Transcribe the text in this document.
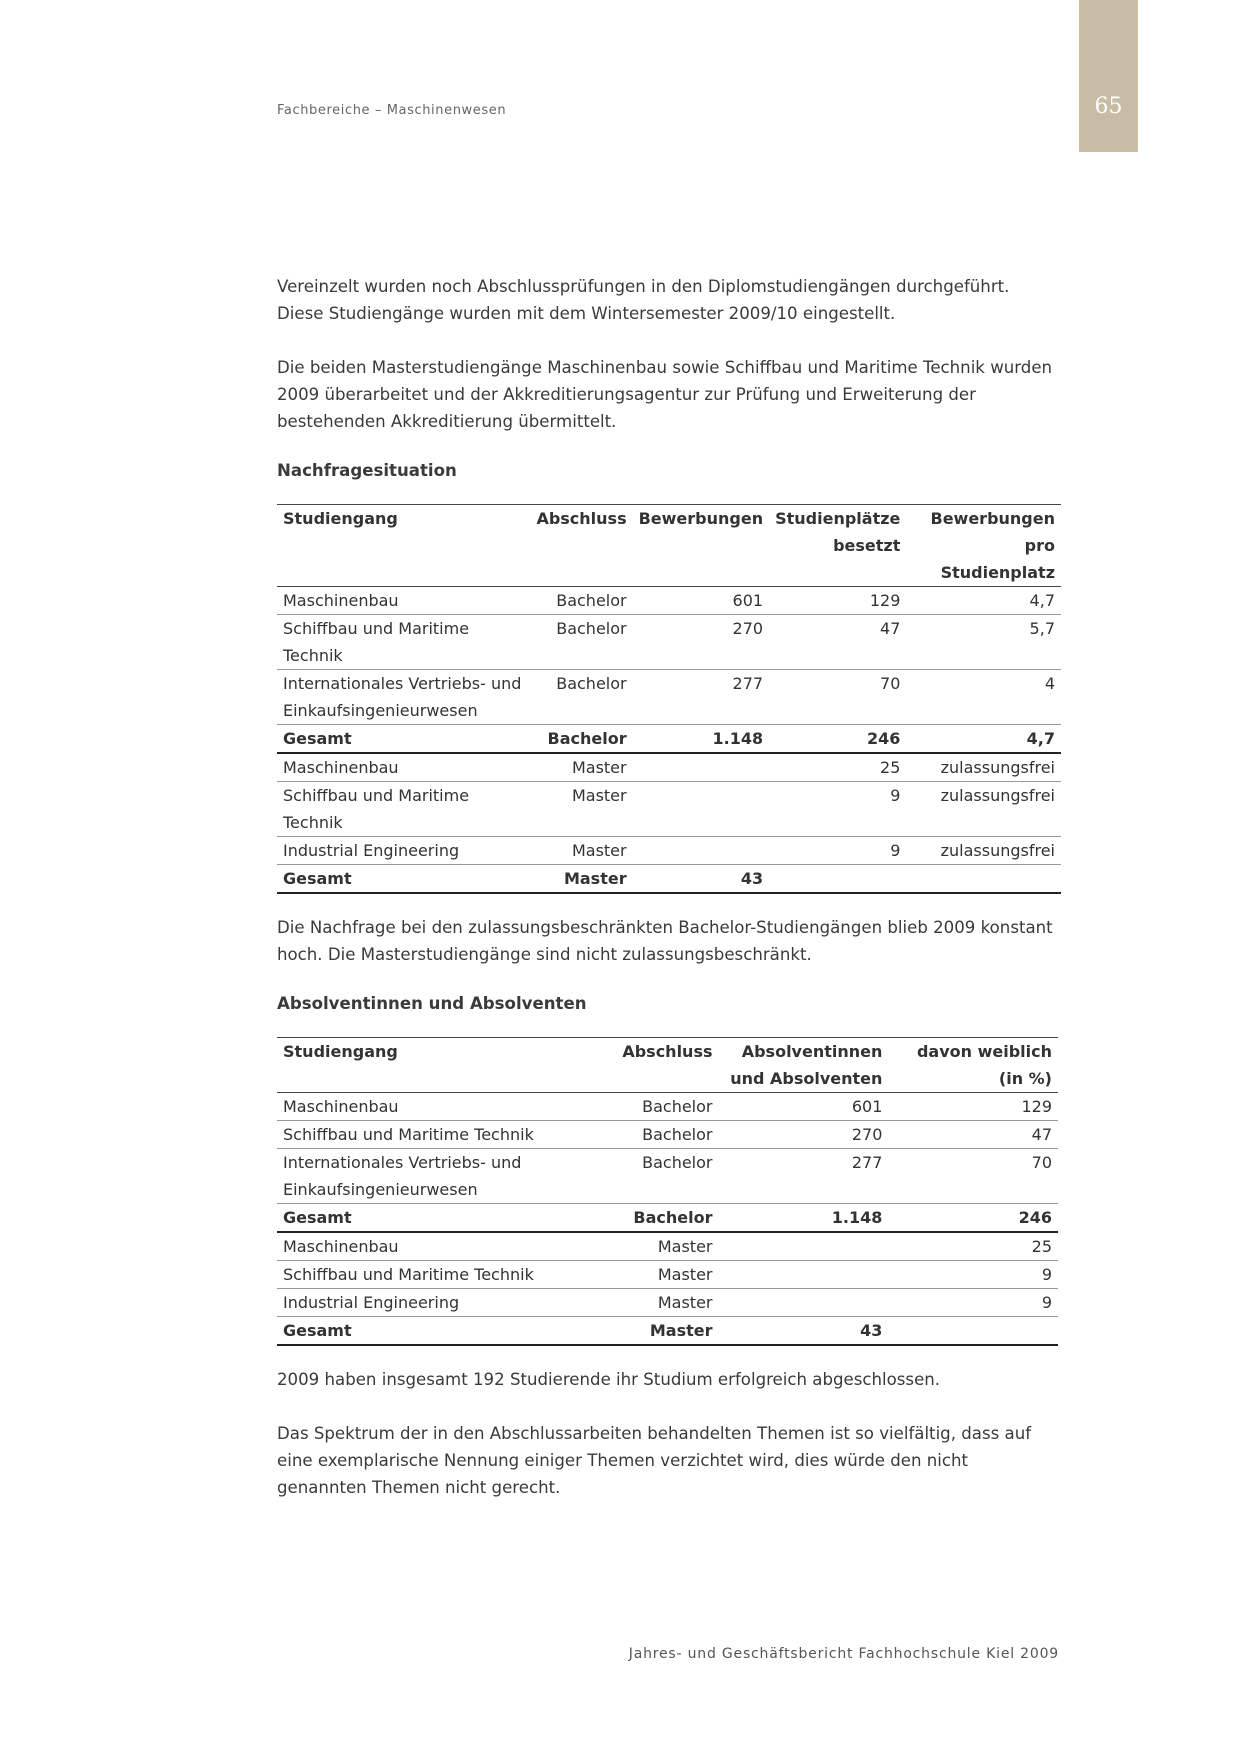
Fachbereiche – Maschinenwesen	65

Vereinzelt wurden noch Abschlussprüfungen in den Diplomstudiengängen durchgeführt. Diese Studiengänge wurden mit dem Wintersemester 2009/10 eingestellt.

Die beiden Masterstudiengänge Maschinenbau sowie Schiffbau und Maritime Technik wurden 2009 überarbeitet und der Akkreditierungsagentur zur Prüfung und Erweiterung der bestehenden Akkreditierung übermittelt.

Nachfragesituation
Studiengang	Abschluss	Bewerbungen	Studienplätze besetzt	Bewerbungen pro Studienplatz
Maschinenbau	Bachelor	601	129	4,7
Schiffbau und Maritime Technik	Bachelor	270	47	5,7
Internationales Vertriebs- und Einkaufsingenieurwesen	Bachelor	277	70	4
Gesamt	Bachelor	1.148	246	4,7
Maschinenbau	Master		25	zulassungsfrei
Schiffbau und Maritime Technik	Master		9	zulassungsfrei
Industrial Engineering	Master		9	zulassungsfrei
Gesamt	Master	43		

Die Nachfrage bei den zulassungsbeschränkten Bachelor-Studiengängen blieb 2009 konstant hoch. Die Masterstudiengänge sind nicht zulassungsbeschränkt.

Absolventinnen und Absolventen
Studiengang	Abschluss	Absolventinnen und Absolventen	davon weiblich (in %)
Maschinenbau	Bachelor	601	129
Schiffbau und Maritime Technik	Bachelor	270	47
Internationales Vertriebs- und Einkaufsingenieurwesen	Bachelor	277	70
Gesamt	Bachelor	1.148	246
Maschinenbau	Master		25
Schiffbau und Maritime Technik	Master		9
Industrial Engineering	Master		9
Gesamt	Master	43	

2009 haben insgesamt 192 Studierende ihr Studium erfolgreich abgeschlossen.

Das Spektrum der in den Abschlussarbeiten behandelten Themen ist so vielfältig, dass auf eine exemplarische Nennung einiger Themen verzichtet wird, dies würde den nicht genannten Themen nicht gerecht.

Jahres- und Geschäftsbericht Fachhochschule Kiel 2009
